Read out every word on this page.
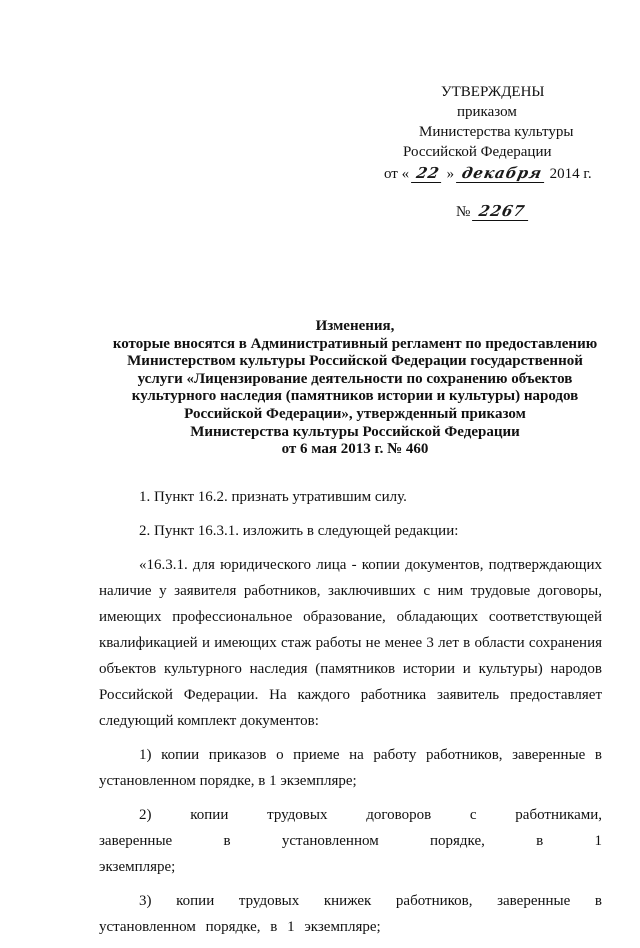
УТВЕРЖДЕНЫ
приказом
Министерства культуры
Российской Федерации
от « 22 » декабря 2014 г.
№ 2267
Изменения,
которые вносятся в Административный регламент по предоставлению
Министерством культуры Российской Федерации государственной
услуги «Лицензирование деятельности по сохранению объектов
культурного наследия (памятников истории и культуры) народов
Российской Федерации», утвержденный приказом
Министерства культуры Российской Федерации
от 6 мая 2013 г. № 460

1. Пункт 16.2. признать утратившим силу.

2. Пункт 16.3.1. изложить в следующей редакции:

«16.3.1. для юридического лица - копии документов, подтверждающих наличие у заявителя работников, заключивших с ним трудовые договоры, имеющих профессиональное образование, обладающих соответствующей квалификацией и имеющих стаж работы не менее 3 лет в области сохранения объектов культурного наследия (памятников истории и культуры) народов Российской Федерации. На каждого работника заявитель предоставляет следующий комплект документов:

1) копии приказов о приеме на работу работников, заверенные в установленном порядке, в 1 экземпляре;

2) копии трудовых договоров с работниками, заверенные в установленном порядке, в 1 экземпляре;

3) копии трудовых книжек работников, заверенные в установленном порядке, в 1 экземпляре;
